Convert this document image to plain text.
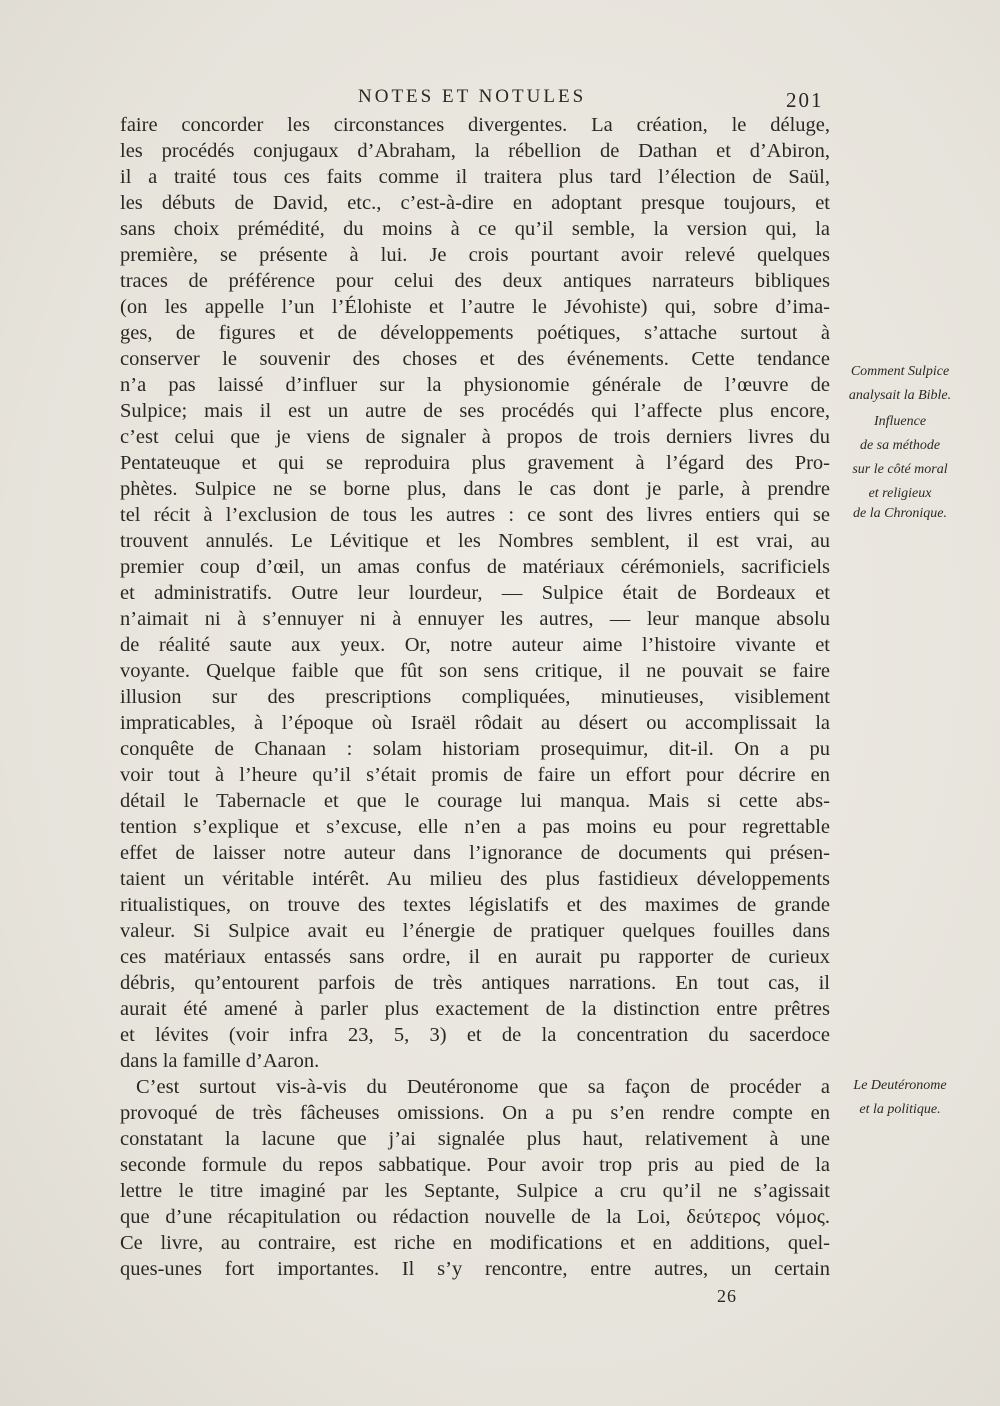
NOTES ET NOTULES	201
faire concorder les circonstances divergentes. La création, le déluge,
les procédés conjugaux d’Abraham, la rébellion de Dathan et d’Abiron,
il a traité tous ces faits comme il traitera plus tard l’élection de Saül,
les débuts de David, etc., c’est-à-dire en adoptant presque toujours, et
sans choix prémédité, du moins à ce qu’il semble, la version qui, la
première, se présente à lui. Je crois pourtant avoir relevé quelques
traces de préférence pour celui des deux antiques narrateurs bibliques
(on les appelle l’un l’Élohiste et l’autre le Jévohiste) qui, sobre d’ima-
ges, de figures et de développements poétiques, s’attache surtout à
conserver le souvenir des choses et des événements. Cette tendance
n’a pas laissé d’influer sur la physionomie générale de l’œuvre de
Sulpice; mais il est un autre de ses procédés qui l’affecte plus encore,
c’est celui que je viens de signaler à propos de trois derniers livres du
Pentateuque et qui se reproduira plus gravement à l’égard des Pro-
phètes. Sulpice ne se borne plus, dans le cas dont je parle, à prendre
tel récit à l’exclusion de tous les autres : ce sont des livres entiers qui se
trouvent annulés. Le Lévitique et les Nombres semblent, il est vrai, au
premier coup d’œil, un amas confus de matériaux cérémoniels, sacrificiels
et administratifs. Outre leur lourdeur, — Sulpice était de Bordeaux et
n’aimait ni à s’ennuyer ni à ennuyer les autres, — leur manque absolu
de réalité saute aux yeux. Or, notre auteur aime l’histoire vivante et
voyante. Quelque faible que fût son sens critique, il ne pouvait se faire
illusion sur des prescriptions compliquées, minutieuses, visiblement
impraticables, à l’époque où Israël rôdait au désert ou accomplissait la
conquête de Chanaan : solam historiam prosequimur, dit-il. On a pu
voir tout à l’heure qu’il s’était promis de faire un effort pour décrire en
détail le Tabernacle et que le courage lui manqua. Mais si cette abs-
tention s’explique et s’excuse, elle n’en a pas moins eu pour regrettable
effet de laisser notre auteur dans l’ignorance de documents qui présen-
taient un véritable intérêt. Au milieu des plus fastidieux développements
ritualistiques, on trouve des textes législatifs et des maximes de grande
valeur. Si Sulpice avait eu l’énergie de pratiquer quelques fouilles dans
ces matériaux entassés sans ordre, il en aurait pu rapporter de curieux
débris, qu’entourent parfois de très antiques narrations. En tout cas, il
aurait été amené à parler plus exactement de la distinction entre prêtres
et lévites (voir infra 23, 5, 3) et de la concentration du sacerdoce
dans la famille d’Aaron.
C’est surtout vis-à-vis du Deutéronome que sa façon de procéder a
provoqué de très fâcheuses omissions. On a pu s’en rendre compte en
constatant la lacune que j’ai signalée plus haut, relativement à une
seconde formule du repos sabbatique. Pour avoir trop pris au pied de la
lettre le titre imaginé par les Septante, Sulpice a cru qu’il ne s’agissait
que d’une récapitulation ou rédaction nouvelle de la Loi, δεύτερος νόμος.
Ce livre, au contraire, est riche en modifications et en additions, quel-
ques-unes fort importantes. Il s’y rencontre, entre autres, un certain
Comment Sulpice
analysait la Bible.
Influence
de sa méthode
sur le côté moral
et religieux
de la Chronique.
Le Deutéronome
et la politique.
26
